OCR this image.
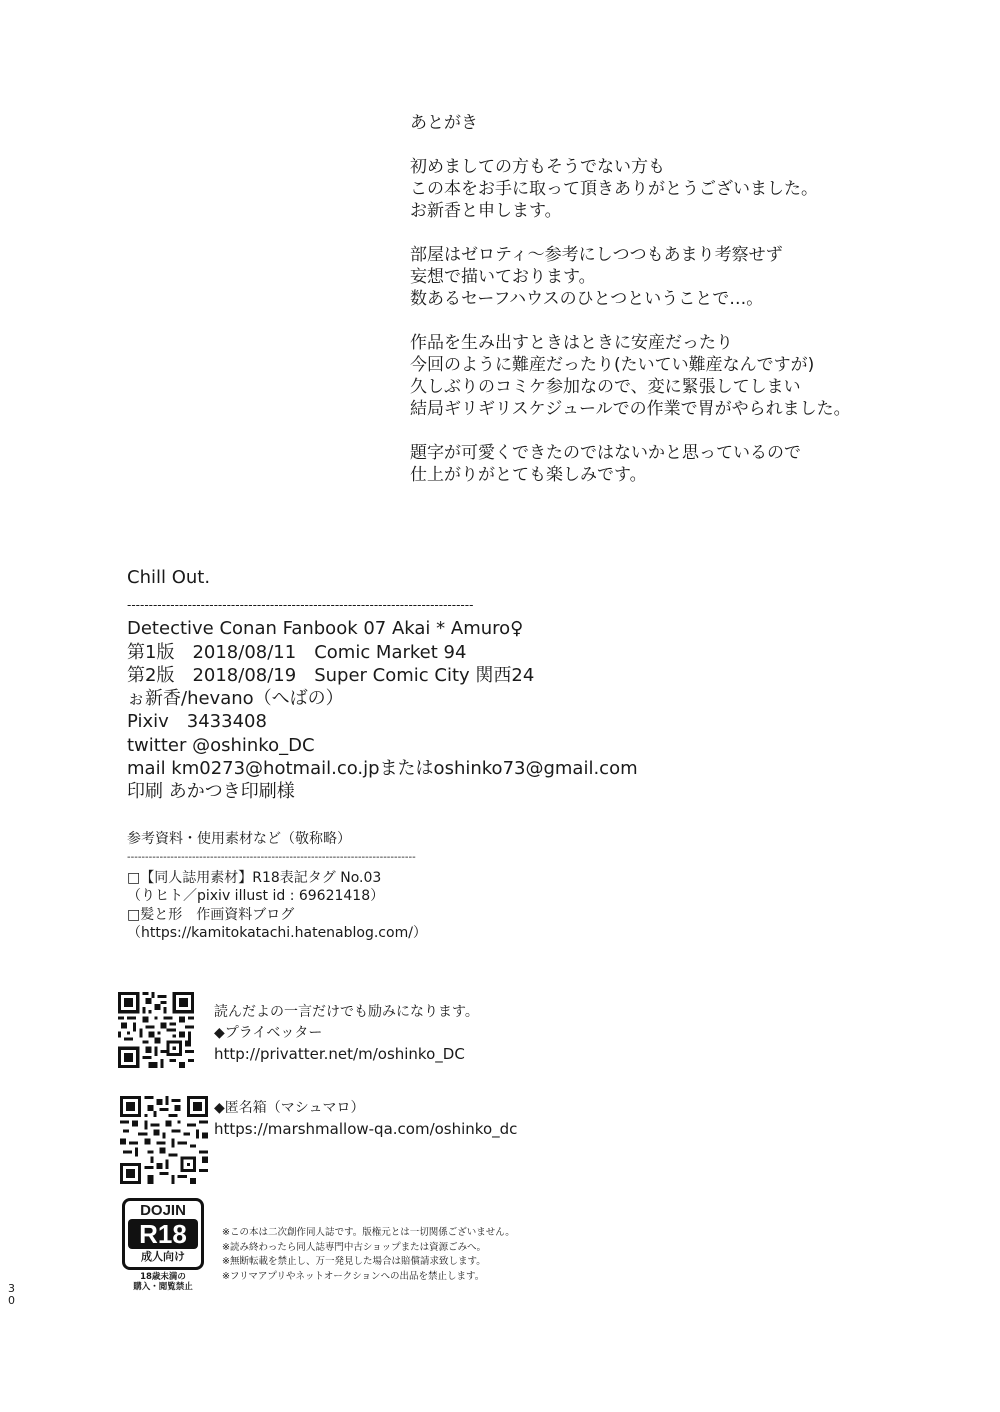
あとがき

初めましての方もそうでない方も
この本をお手に取って頂きありがとうございました。
お新香と申します。

部屋はゼロティ～参考にしつつもあまり考察せず
妄想で描いております。
数あるセーフハウスのひとつということで…。

作品を生み出すときはときに安産だったり
今回のように難産だったり(たいてい難産なんですが)
久しぶりのコミケ参加なので、変に緊張してしまい
結局ギリギリスケジュールでの作業で胃がやられました。

題字が可愛くできたのではないかと思っているので
仕上がりがとても楽しみです。

Chill Out.
--------------------------------------------------------------------------------
Detective Conan Fanbook 07 Akai * Amuro♀
第1版　2018/08/11　Comic Market 94
第2版　2018/08/19　Super Comic City 関西24
ぉ新香/hevano（へばの）
Pixiv　3433408
twitter @oshinko_DC
mail km0273@hotmail.co.jpまたはoshinko73@gmail.com
印刷 あかつき印刷様
参考資料・使用素材など（敬称略）
--------------------------------------------------------------------------------
□【同人誌用素材】R18表記タグ No.03
（りヒト／pixiv illust id : 69621418）
□髪と形　作画資料ブログ
（https://kamitokatachi.hatenablog.com/）
読んだよの一言だけでも励みになります。
◆プライベッター
http://privatter.net/m/oshinko_DC
◆匿名箱（マシュマロ）
https://marshmallow-qa.com/oshinko_dc
DOJIN
R18
成人向け
18歳未満の
購入・閲覧禁止
※この本は二次創作同人誌です。版権元とは一切関係ございません。
※読み終わったら同人誌専門中古ショップまたは資源ごみへ。
※無断転載を禁止し、万一発見した場合は賠償請求致します。
※フリマアプリやネットオークションへの出品を禁止します。
3
0
